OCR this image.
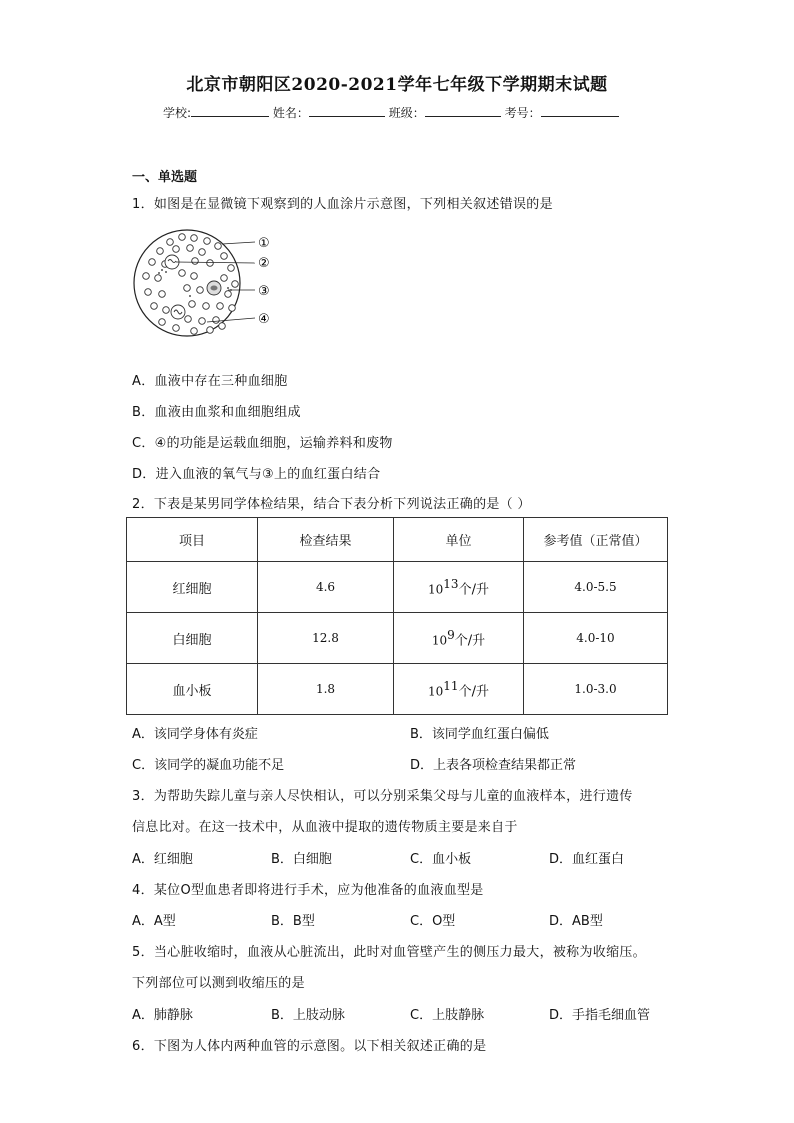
北京市朝阳区2020-2021学年七年级下学期期末试题
学校:	姓名：	班级：	考号：
一、单选题
1．如图是在显微镜下观察到的人血涂片示意图，下列相关叙述错误的是
①
②
③
④
A．血液中存在三种血细胞
B．血液由血浆和血细胞组成
C．④的功能是运载血细胞，运输养料和废物
D．进入血液的氧气与③上的血红蛋白结合
2．下表是某男同学体检结果，结合下表分析下列说法正确的是（ ）
项目	检查结果	单位	参考值（正常值）
红细胞	4.6	$10^{13}$个/升	4.0-5.5
白细胞	12.8	$10^9$个/升	4.0-10
血小板	1.8	$10^{11}$个/升	1.0-3.0
A．该同学身体有炎症	B．该同学血红蛋白偏低
C．该同学的凝血功能不足	D．上表各项检查结果都正常
3．为帮助失踪儿童与亲人尽快相认，可以分别采集父母与儿童的血液样本，进行遗传
信息比对。在这一技术中，从血液中提取的遗传物质主要是来自于
A．红细胞	B．白细胞	C．血小板	D．血红蛋白
4．某位O型血患者即将进行手术，应为他准备的血液血型是
A．A型	B．B型	C．O型	D．AB型
5．当心脏收缩时，血液从心脏流出，此时对血管壁产生的侧压力最大，被称为收缩压。
下列部位可以测到收缩压的是
A．肺静脉	B．上肢动脉	C．上肢静脉	D．手指毛细血管
6．下图为人体内两种血管的示意图。以下相关叙述正确的是
